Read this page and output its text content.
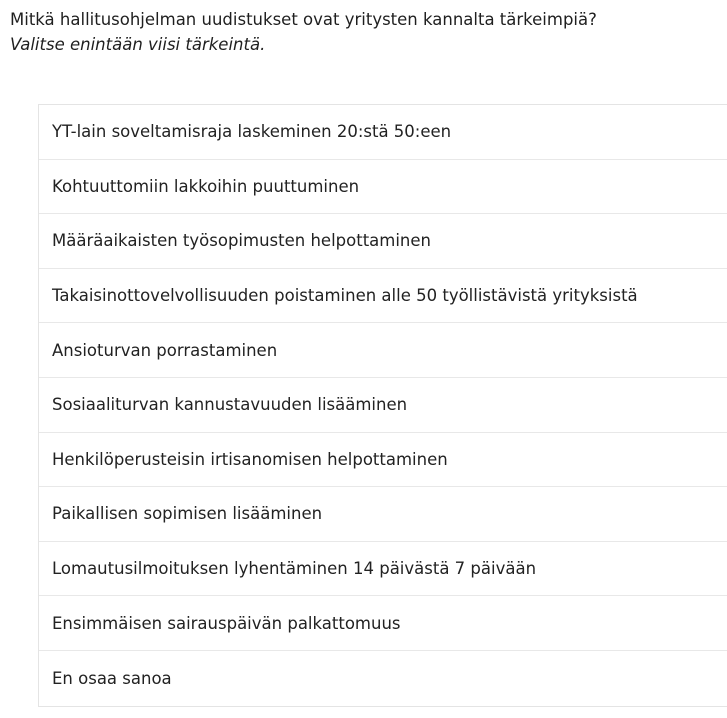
Mitkä hallitusohjelman uudistukset ovat yritysten kannalta tärkeimpiä?
Valitse enintään viisi tärkeintä.
YT-lain soveltamisraja laskeminen 20:stä 50:een
Kohtuuttomiin lakkoihin puuttuminen
Määräaikaisten työsopimusten helpottaminen
Takaisinottovelvollisuuden poistaminen alle 50 työllistävistä yrityksistä
Ansioturvan porrastaminen
Sosiaaliturvan kannustavuuden lisääminen
Henkilöperusteisin irtisanomisen helpottaminen
Paikallisen sopimisen lisääminen
Lomautusilmoituksen lyhentäminen 14 päivästä 7 päivään
Ensimmäisen sairauspäivän palkattomuus
En osaa sanoa
